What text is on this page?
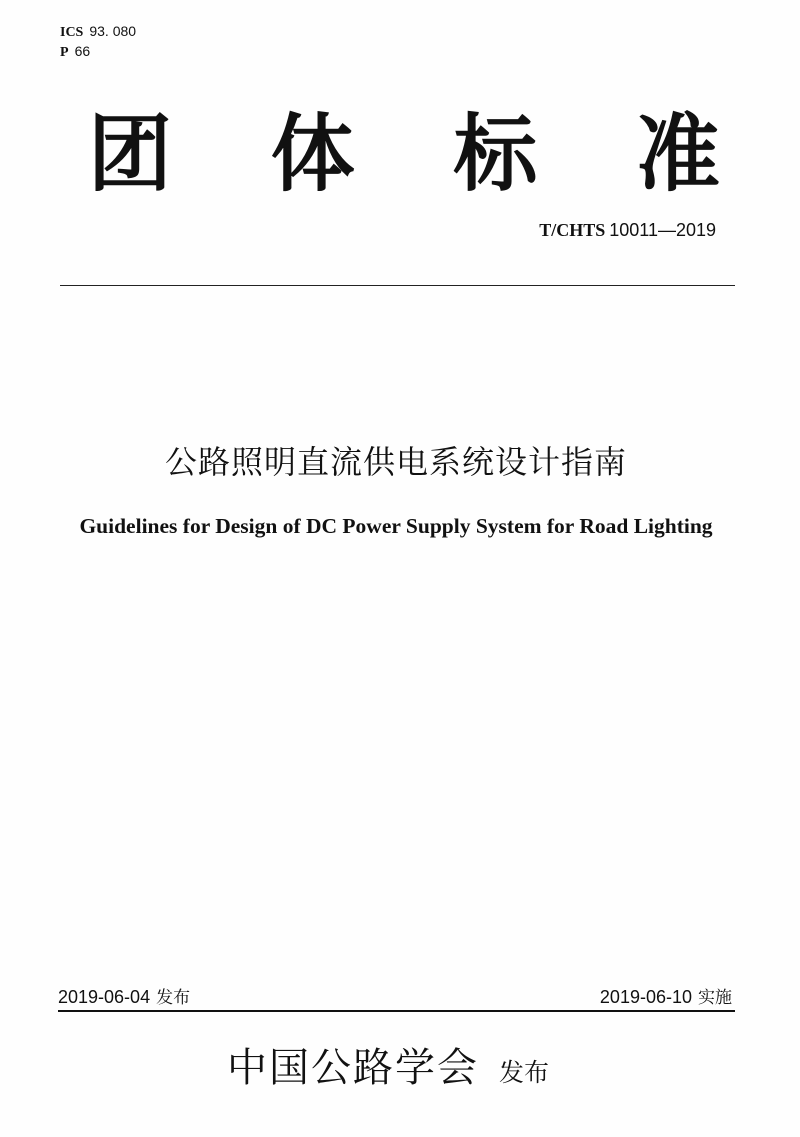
ICS 93. 080
P 66
团 体 标 准
T/CHTS 10011—2019
公路照明直流供电系统设计指南
Guidelines for Design of DC Power Supply System for Road Lighting
2019-06-04 发布	2019-06-10 实施
中国公路学会 发布
